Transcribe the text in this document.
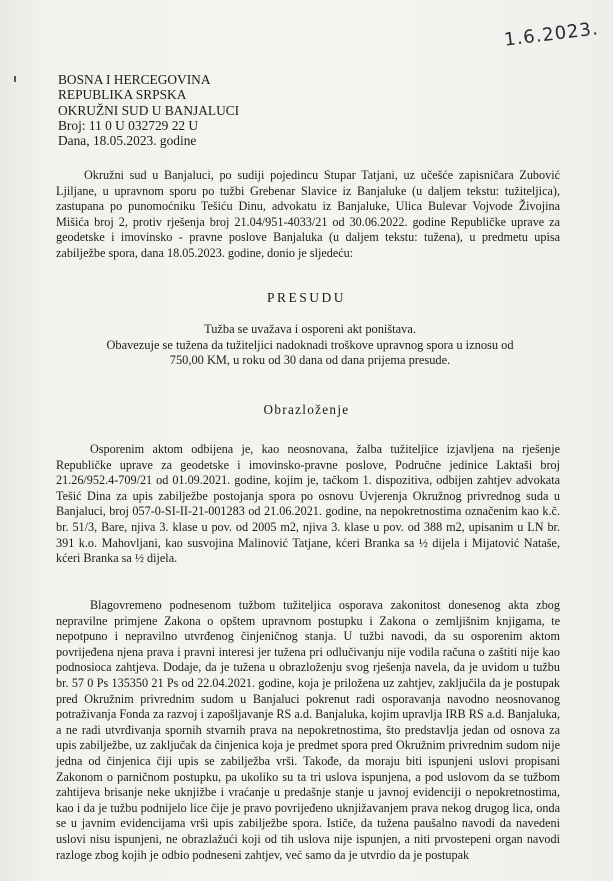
1.6.2023.
BOSNA I HERCEGOVINA
REPUBLIKA SRPSKA
OKRUŽNI SUD U BANJALUCI
Broj: 11 0 U 032729 22 U
Dana, 18.05.2023. godine
Okružni sud u Banjaluci, po sudiji pojedincu Stupar Tatjani, uz učešće zapisničara Zubović Ljiljane, u upravnom sporu po tužbi Grebenar Slavice iz Banjaluke (u daljem tekstu: tužiteljica), zastupana po punomoćniku Tešiću Dinu, advokatu iz Banjaluke, Ulica Bulevar Vojvode Živojina Mišića broj 2, protiv rješenja broj 21.04/951-4033/21 od 30.06.2022. godine Republičke uprave za geodetske i imovinsko - pravne poslove Banjaluka (u daljem tekstu: tužena), u predmetu upisa zabilježbe spora, dana 18.05.2023. godine, donio je sljedeću:
PRESUDU
Tužba se uvažava i osporeni akt poništava.
Obavezuje se tužena da tužiteljici nadoknadi troškove upravnog spora u iznosu od
750,00 KM, u roku od 30 dana od dana prijema presude.
Obrazloženje
Osporenim aktom odbijena je, kao neosnovana, žalba tužiteljice izjavljena na rješenje Republičke uprave za geodetske i imovinsko-pravne poslove, Područne jedinice Laktaši broj 21.26/952.4-709/21 od 01.09.2021. godine, kojim je, tačkom 1. dispozitiva, odbijen zahtjev advokata Tešić Dina za upis zabilježbe postojanja spora po osnovu Uvjerenja Okružnog privrednog suda u Banjaluci, broj 057-0-SI-II-21-001283 od 21.06.2021. godine, na nepokretnostima označenim kao k.č. br. 51/3, Bare, njiva 3. klase u pov. od 2005 m2, njiva 3. klase u pov. od 388 m2, upisanim u LN br. 391 k.o. Mahovljani, kao susvojina Malinović Tatjane, kćeri Branka sa ½ dijela i Mijatović Nataše, kćeri Branka sa ½ dijela.
Blagovremeno podnesenom tužbom tužiteljica osporava zakonitost donesenog akta zbog nepravilne primjene Zakona o opštem upravnom postupku i Zakona o zemljišnim knjigama, te nepotpuno i nepravilno utvrđenog činjeničnog stanja. U tužbi navodi, da su osporenim aktom povrijeđena njena prava i pravni interesi jer tužena pri odlučivanju nije vodila računa o zaštiti nije kao podnosioca zahtjeva. Dodaje, da je tužena u obrazloženju svog rješenja navela, da je uvidom u tužbu br. 57 0 Ps 135350 21 Ps od 22.04.2021. godine, koja je priložena uz zahtjev, zaključila da je postupak pred Okružnim privrednim sudom u Banjaluci pokrenut radi osporavanja navodno neosnovanog potraživanja Fonda za razvoj i zapošljavanje RS a.d. Banjaluka, kojim upravlja IRB RS a.d. Banjaluka, a ne radi utvrđivanja spornih stvarnih prava na nepokretnostima, što predstavlja jedan od osnova za upis zabilježbe, uz zaključak da činjenica koja je predmet spora pred Okružnim privrednim sudom nije jedna od činjenica čiji upis se zabilježba vrši. Takođe, da moraju biti ispunjeni uslovi propisani Zakonom o parničnom postupku, pa ukoliko su ta tri uslova ispunjena, a pod uslovom da se tužbom zahtijeva brisanje neke uknjižbe i vraćanje u predašnje stanje u javnoj evidenciji o nepokretnostima, kao i da je tužbu podnijelo lice čije je pravo povrijeđeno uknjižavanjem prava nekog drugog lica, onda se u javnim evidencijama vrši upis zabilježbe spora. Ističe, da tužena paušalno navodi da navedeni uslovi nisu ispunjeni, ne obrazlažući koji od tih uslova nije ispunjen, a niti prvostepeni organ navodi razloge zbog kojih je odbio podneseni zahtjev, već samo da je utvrdio da je postupak
